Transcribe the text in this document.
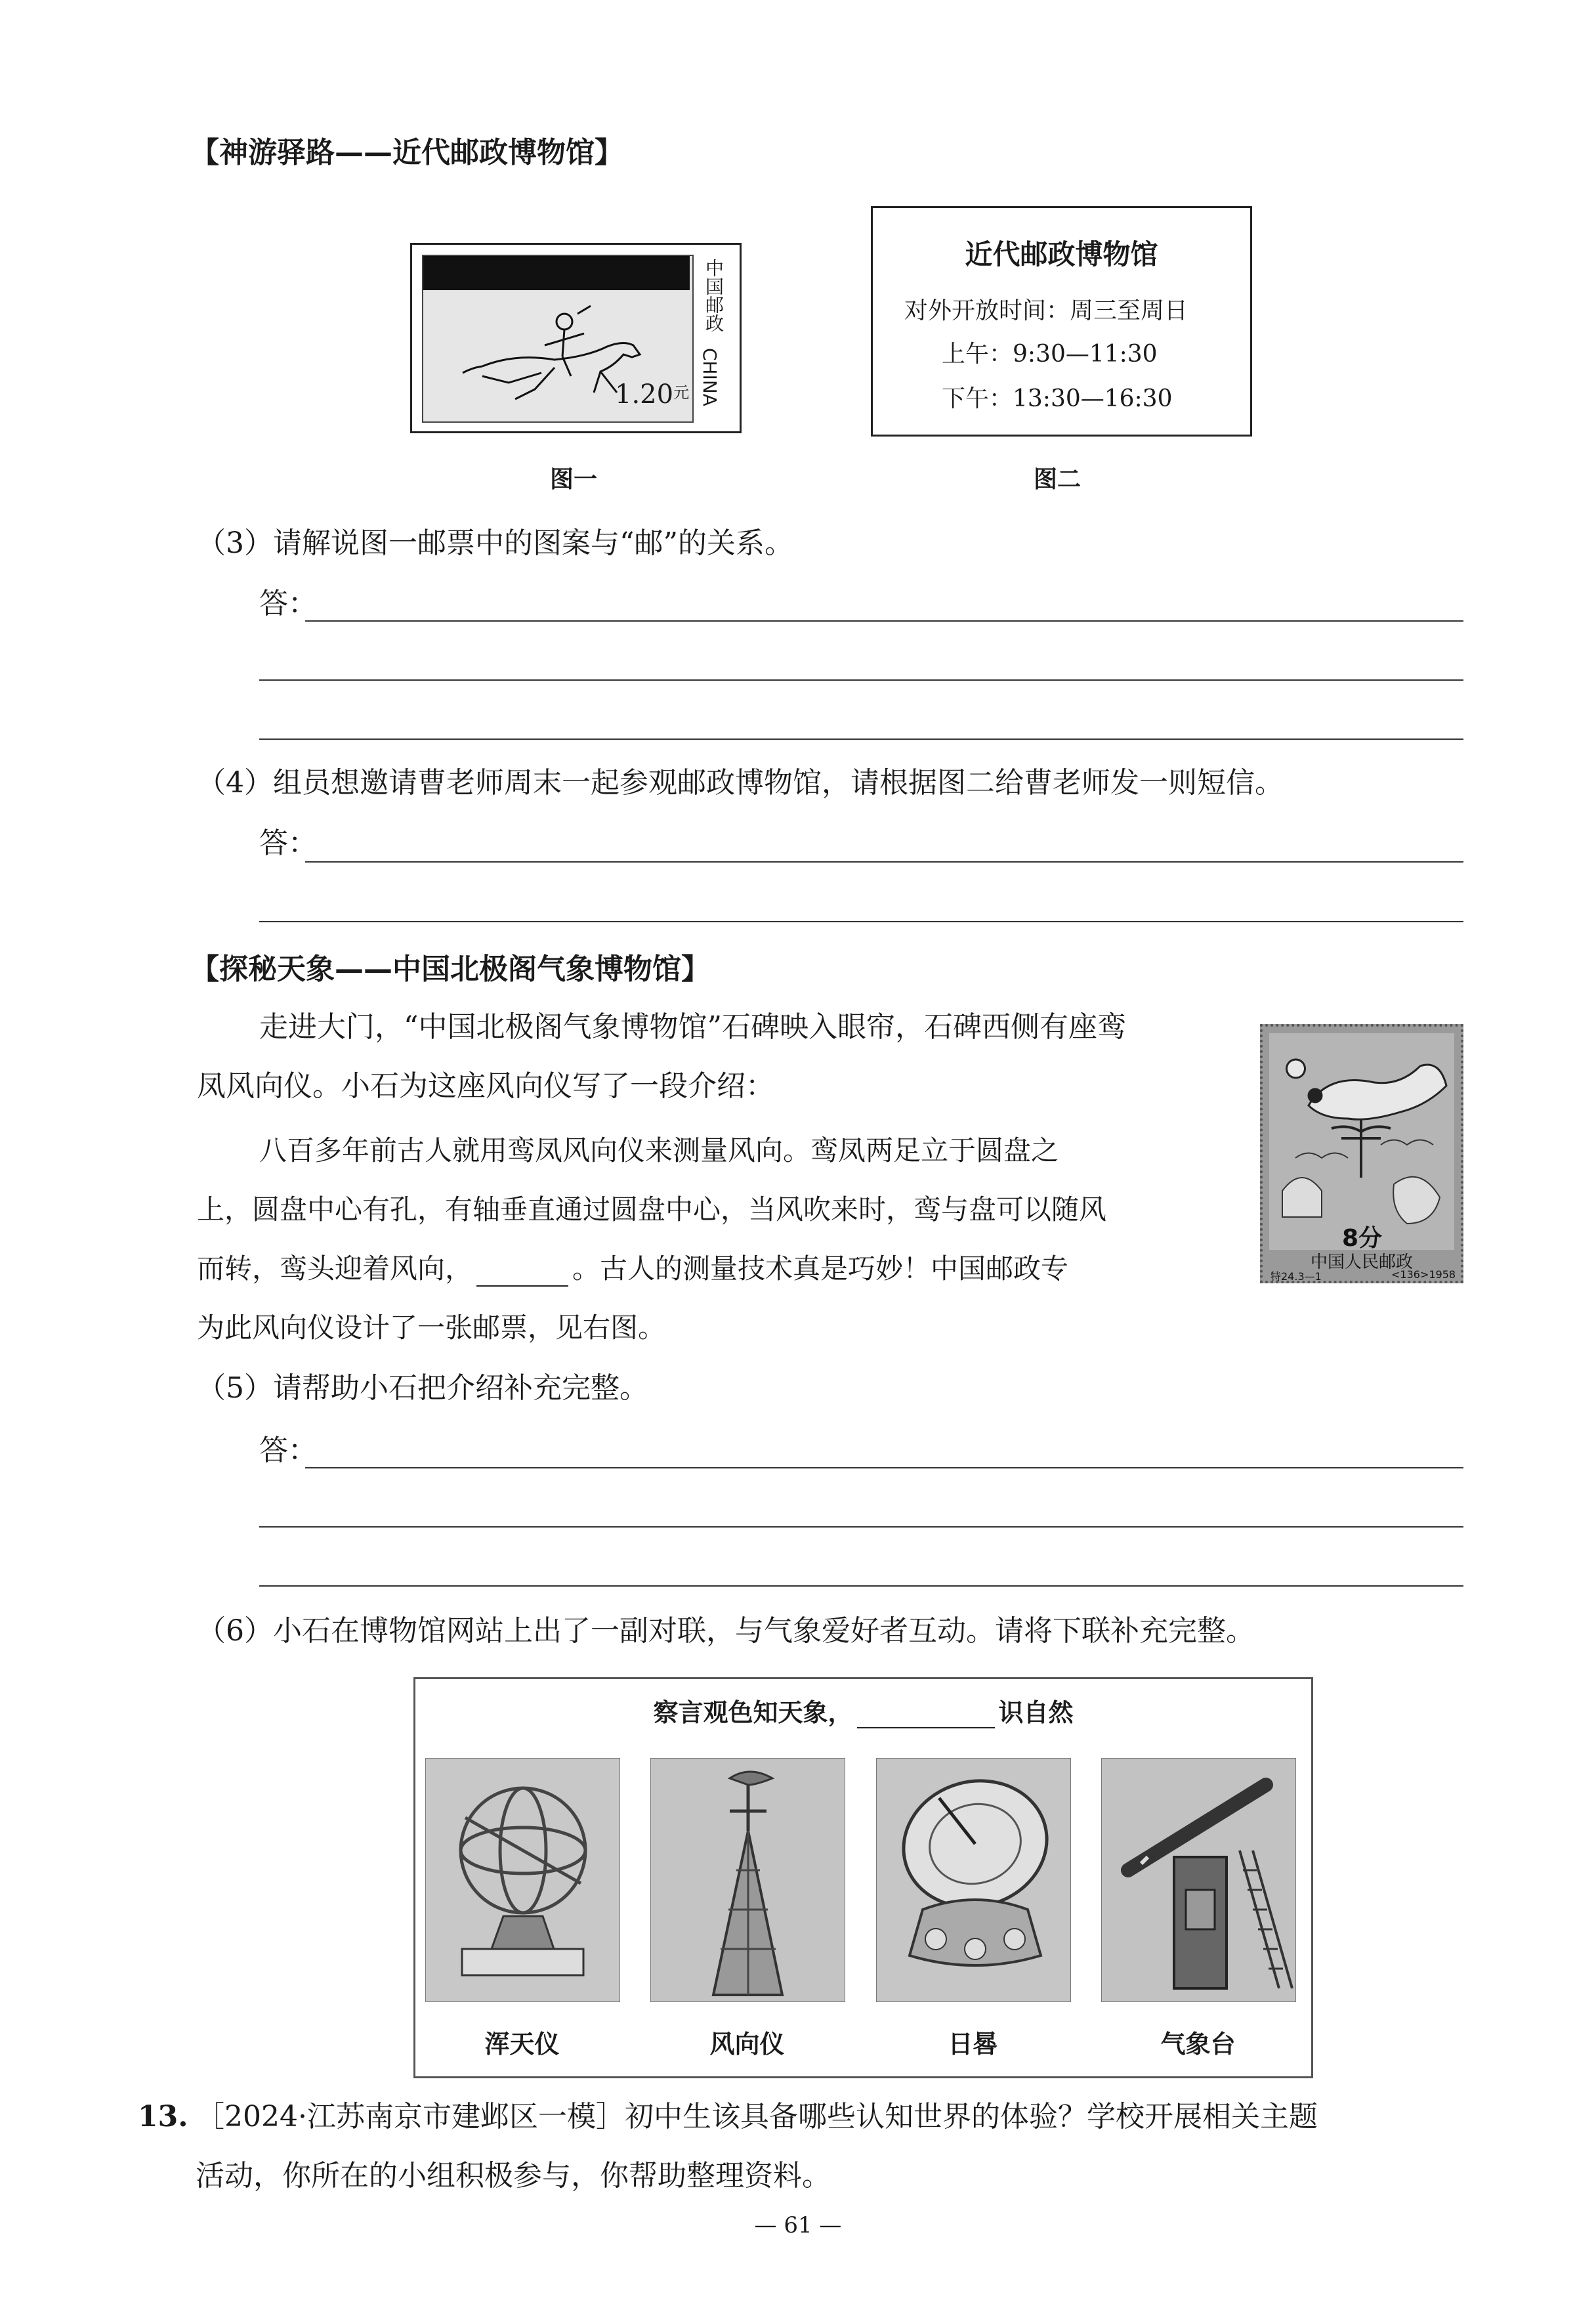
【神游驿路——近代邮政博物馆】
中国邮政
CHINA
$1.20^元$
图一
近代邮政博物馆
对外开放时间：周三至周日
上午：9:30—11:30
下午：13:30—16:30
图二
（3）请解说图一邮票中的图案与“邮”的关系。
答：
（4）组员想邀请曹老师周末一起参观邮政博物馆，请根据图二给曹老师发一则短信。
答：
【探秘天象——中国北极阁气象博物馆】
走进大门，“中国北极阁气象博物馆”石碑映入眼帘，石碑西侧有座鸾
凤风向仪。小石为这座风向仪写了一段介绍：
八百多年前古人就用鸾凤风向仪来测量风向。鸾凤两足立于圆盘之
上，圆盘中心有孔，有轴垂直通过圆盘中心，当风吹来时，鸾与盘可以随风
而转，鸾头迎着风向，	。古人的测量技术真是巧妙！中国邮政专
为此风向仪设计了一张邮票，见右图。
8分
中国人民邮政
特24.3—1	<136>1958
（5）请帮助小石把介绍补充完整。
答：
（6）小石在博物馆网站上出了一副对联，与气象爱好者互动。请将下联补充完整。
察言观色知天象，	识自然
浑天仪	风向仪	日晷	气象台
13. ［2024·江苏南京市建邺区一模］初中生该具备哪些认知世界的体验？学校开展相关主题
活动，你所在的小组积极参与，你帮助整理资料。
— 61 —
